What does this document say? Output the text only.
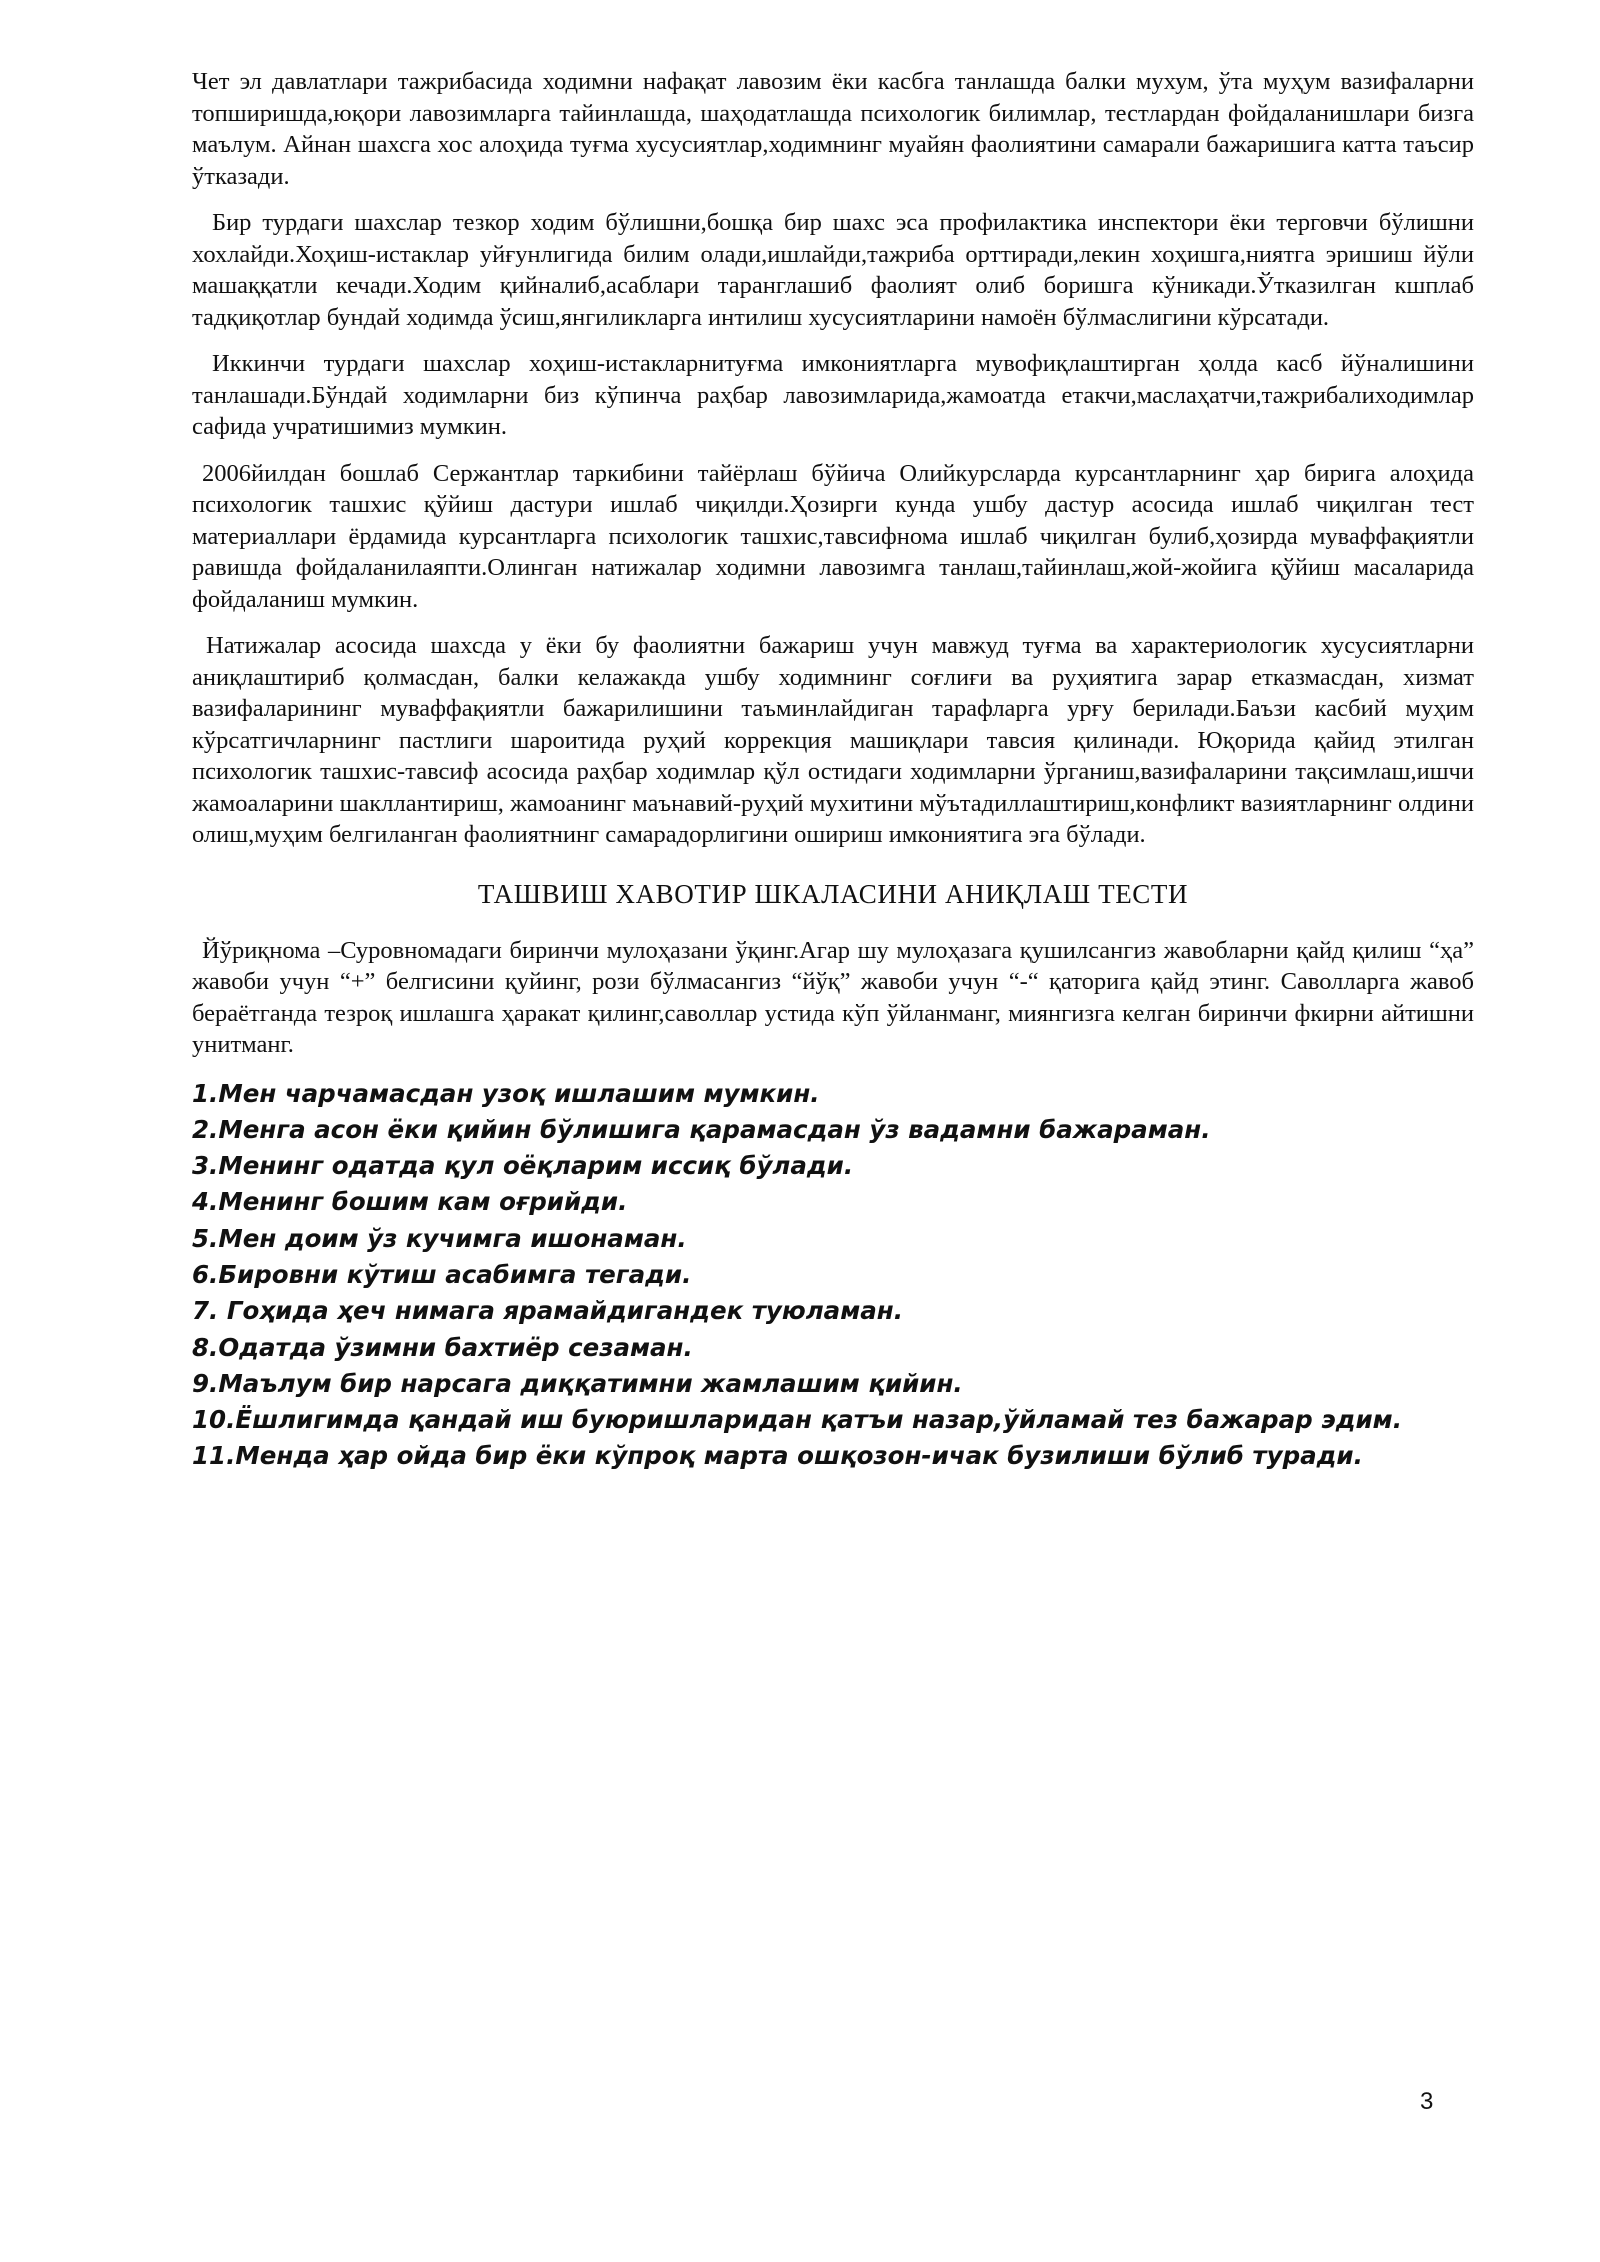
Чет эл давлатлари тажрибасида ходимни нафақат лавозим ёки касбга танлашда балки мухум, ўта муҳум вазифаларни топширишда,юқори лавозимларга тайинлашда, шаҳодатлашда психологик билимлар, тестлардан фойдаланишлари бизга маълум. Айнан шахсга хос алоҳида туғма хусусиятлар,ходимнинг муайян фаолиятини самарали бажаришига катта таъсир ўтказади.

Бир турдаги шахслар тезкор ходим бўлишни,бошқа бир шахс эса профилактика инспектори ёки терговчи бўлишни хохлайди.Хоҳиш-истаклар уйғунлигида билим олади,ишлайди,тажриба орттиради,лекин хоҳишга,ниятга эришиш йўли машаққатли кечади.Ходим қийналиб,асаблари таранглашиб фаолият олиб боришга кўникади.Ўтказилган кшплаб тадқиқотлар бундай ходимда ўсиш,янгиликларга интилиш хусусиятларини намоён бўлмаслигини кўрсатади.

Иккинчи турдаги шахслар хоҳиш-истакларнитуғма имкониятларга мувофиқлаштирган ҳолда касб йўналишини танлашади.Бўндай ходимларни биз кўпинча раҳбар лавозимларида,жамоатда етакчи,маслаҳатчи,тажрибалиходимлар сафида учратишимиз мумкин.

2006йилдан бошлаб Сержантлар таркибини тайёрлаш бўйича Олийкурсларда курсантларнинг ҳар бирига алоҳида психологик ташхис қўйиш дастури ишлаб чиқилди.Ҳозирги кунда ушбу дастур асосида ишлаб чиқилган тест материаллари ёрдамида курсантларга психологик ташхис,тавсифнома ишлаб чиқилган булиб,ҳозирда муваффақиятли равишда фойдаланилаяпти.Олинган натижалар ходимни лавозимга танлаш,тайинлаш,жой-жойига қўйиш масаларида фойдаланиш мумкин.

Натижалар асосида шахсда у ёки бу фаолиятни бажариш учун мавжуд туғма ва характериологик хусусиятларни аниқлаштириб қолмасдан, балки келажакда ушбу ходимнинг соғлиғи ва руҳиятига зарар етказмасдан, хизмат вазифаларининг муваффақиятли бажарилишини таъминлайдиган тарафларга урғу берилади.Баъзи касбий муҳим кўрсатгичларнинг пастлиги шароитида руҳий коррекция машиқлари тавсия қилинади. Юқорида қайид этилган психологик ташхис-тавсиф асосида раҳбар ходимлар қўл остидаги ходимларни ўрганиш,вазифаларини тақсимлаш,ишчи жамоаларини шакллантириш, жамоанинг маънавий-руҳий мухитини мўътадиллаштириш,конфликт вазиятларнинг олдини олиш,муҳим белгиланган фаолиятнинг самарадорлигини ошириш имкониятига эга бўлади.

ТАШВИШ ХАВОТИР ШКАЛАСИНИ АНИҚЛАШ ТЕСТИ

Йўриқнома –Суровномадаги биринчи мулоҳазани ўқинг.Агар шу мулоҳазага қушилсангиз жавобларни қайд қилиш “ҳа” жавоби учун “+” белгисини қуйинг, рози бўлмасангиз “йўқ” жавоби учун “-“ қаторига қайд этинг. Саволларга жавоб бераётганда тезроқ ишлашга ҳаракат қилинг,саволлар устида кўп ўйланманг, миянгизга келган биринчи фкирни айтишни унитманг.

1.Мен чарчамасдан узоқ ишлашим мумкин.
2.Менга асон ёки қийин бўлишига қарамасдан ўз вадамни бажараман.
3.Менинг одатда қул оёқларим иссиқ бўлади.
4.Менинг бошим кам оғрийди.
5.Мен доим ўз кучимга ишонаман.
6.Бировни кўтиш асабимга тегади.
7. Гоҳида ҳеч нимага ярамайдигандек туюламан.
8.Одатда ўзимни бахтиёр сезаман.
9.Маълум бир нарсага диққатимни жамлашим қийин.
10.Ёшлигимда қандай иш буюришларидан қатъи назар,ўйламай тез бажарар эдим.
11.Менда ҳар ойда бир ёки кўпроқ марта ошқозон-ичак бузилиши бўлиб туради.
3
